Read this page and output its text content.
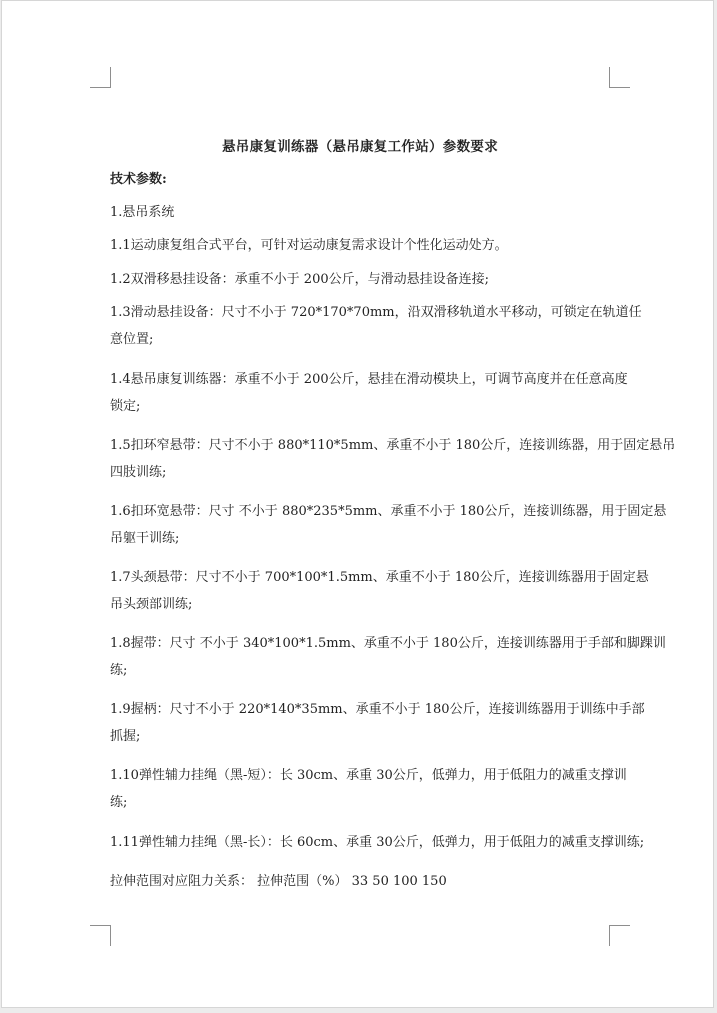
悬吊康复训练器（悬吊康复工作站）参数要求
技术参数:
1.悬吊系统
1.1运动康复组合式平台，可针对运动康复需求设计个性化运动处方。
1.2双滑移悬挂设备：承重不小于 200公斤，与滑动悬挂设备连接;
1.3滑动悬挂设备：尺寸不小于 720*170*70mm，沿双滑移轨道水平移动，可锁定在轨道任
意位置;
1.4悬吊康复训练器：承重不小于 200公斤，悬挂在滑动模块上，可调节高度并在任意高度
锁定;
1.5扣环窄悬带：尺寸不小于 880*110*5mm、承重不小于 180公斤，连接训练器，用于固定悬吊
四肢训练;
1.6扣环宽悬带：尺寸 不小于 880*235*5mm、承重不小于 180公斤，连接训练器，用于固定悬
吊躯干训练;
1.7头颈悬带：尺寸不小于 700*100*1.5mm、承重不小于 180公斤，连接训练器用于固定悬
吊头颈部训练;
1.8握带：尺寸 不小于 340*100*1.5mm、承重不小于 180公斤，连接训练器用于手部和脚踝训
练;
1.9握柄：尺寸不小于 220*140*35mm、承重不小于 180公斤，连接训练器用于训练中手部
抓握;
1.10弹性辅力挂绳（黑-短）：长 30cm、承重 30公斤，低弹力，用于低阻力的减重支撑训
练;
1.11弹性辅力挂绳（黑-长）：长 60cm、承重 30公斤，低弹力，用于低阻力的减重支撑训练;
拉伸范围对应阻力关系： 拉伸范围（%） 33 50 100 150
